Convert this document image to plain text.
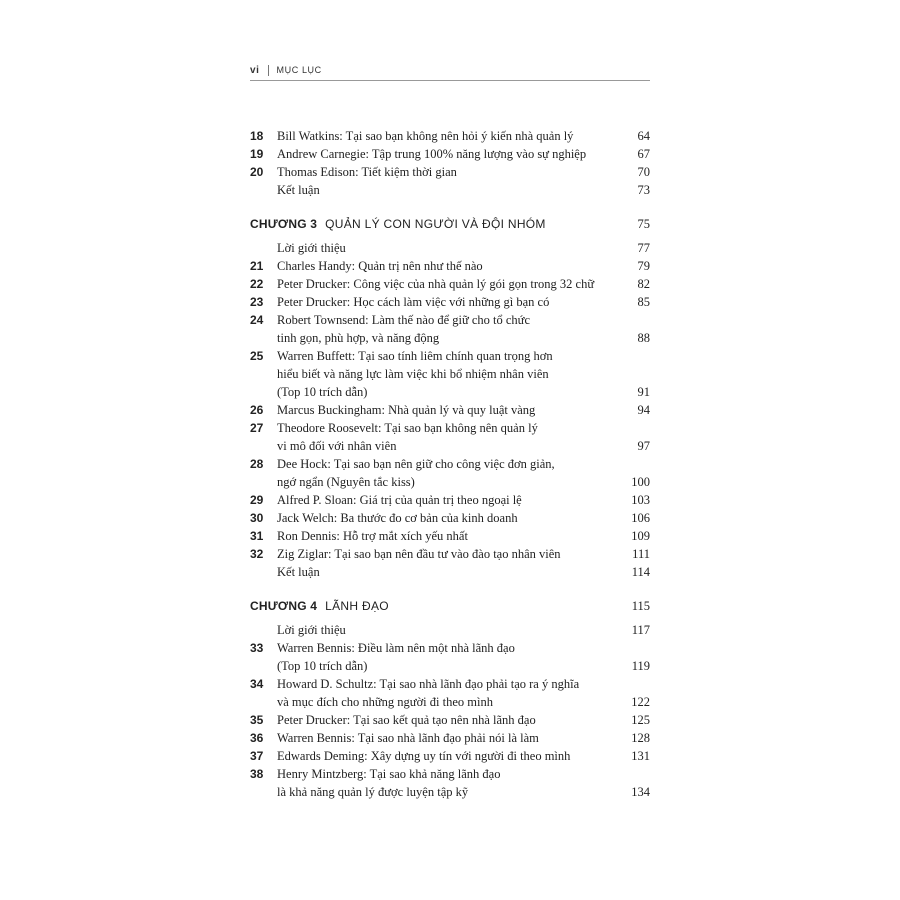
vi MỤC LỤC
18	Bill Watkins: Tại sao bạn không nên hỏi ý kiến nhà quản lý	64
19	Andrew Carnegie: Tập trung 100% năng lượng vào sự nghiệp	67
20	Thomas Edison: Tiết kiệm thời gian	70
Kết luận	73
CHƯƠNG 3 QUẢN LÝ CON NGƯỜI VÀ ĐỘI NHÓM	75
Lời giới thiệu	77
21	Charles Handy: Quản trị nên như thế nào	79
22	Peter Drucker: Công việc của nhà quản lý gói gọn trong 32 chữ	82
23	Peter Drucker: Học cách làm việc với những gì bạn có	85
24	Robert Townsend: Làm thế nào để giữ cho tổ chức
tinh gọn, phù hợp, và năng động	88
25	Warren Buffett: Tại sao tính liêm chính quan trọng hơn
hiểu biết và năng lực làm việc khi bổ nhiệm nhân viên
(Top 10 trích dẫn)	91
26	Marcus Buckingham: Nhà quản lý và quy luật vàng	94
27	Theodore Roosevelt: Tại sao bạn không nên quản lý
vi mô đối với nhân viên	97
28	Dee Hock: Tại sao bạn nên giữ cho công việc đơn giản,
ngớ ngẩn (Nguyên tắc kiss)	100
29	Alfred P. Sloan: Giá trị của quản trị theo ngoại lệ	103
30	Jack Welch: Ba thước đo cơ bản của kinh doanh	106
31	Ron Dennis: Hỗ trợ mắt xích yếu nhất	109
32	Zig Ziglar: Tại sao bạn nên đầu tư vào đào tạo nhân viên	111
Kết luận	114
CHƯƠNG 4 LÃNH ĐẠO	115
Lời giới thiệu	117
33	Warren Bennis: Điều làm nên một nhà lãnh đạo
(Top 10 trích dẫn)	119
34	Howard D. Schultz: Tại sao nhà lãnh đạo phải tạo ra ý nghĩa
và mục đích cho những người đi theo mình	122
35	Peter Drucker: Tại sao kết quả tạo nên nhà lãnh đạo	125
36	Warren Bennis: Tại sao nhà lãnh đạo phải nói là làm	128
37	Edwards Deming: Xây dựng uy tín với người đi theo mình	131
38	Henry Mintzberg: Tại sao khả năng lãnh đạo
là khả năng quản lý được luyện tập kỹ	134
